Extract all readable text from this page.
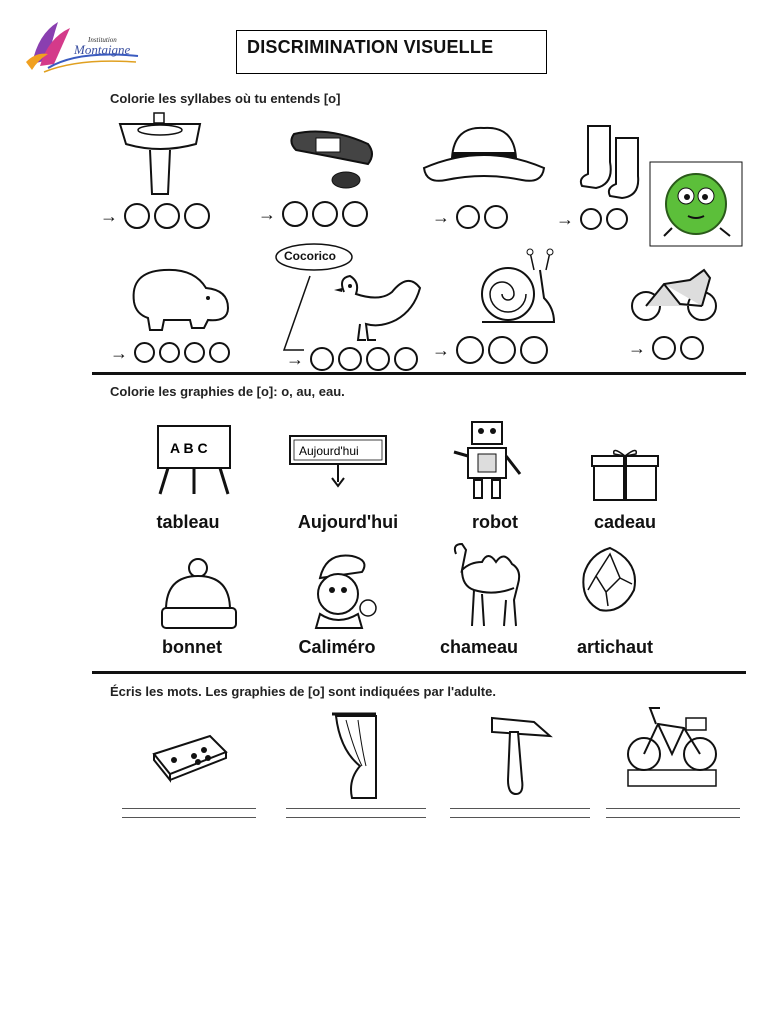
Institution
Montaigne	DISCRIMINATION VISUELLE
Colorie les syllabes où tu entends [o]
→	→	→	→
Cocorico
→	→	→	→
Colorie les graphies de [o]: o, au, eau.
A B C	Aujourd'hui
tableau	Aujourd'hui	robot	cadeau
bonnet	Caliméro	chameau	artichaut
Écris les mots. Les graphies de [o] sont indiquées par l'adulte.
